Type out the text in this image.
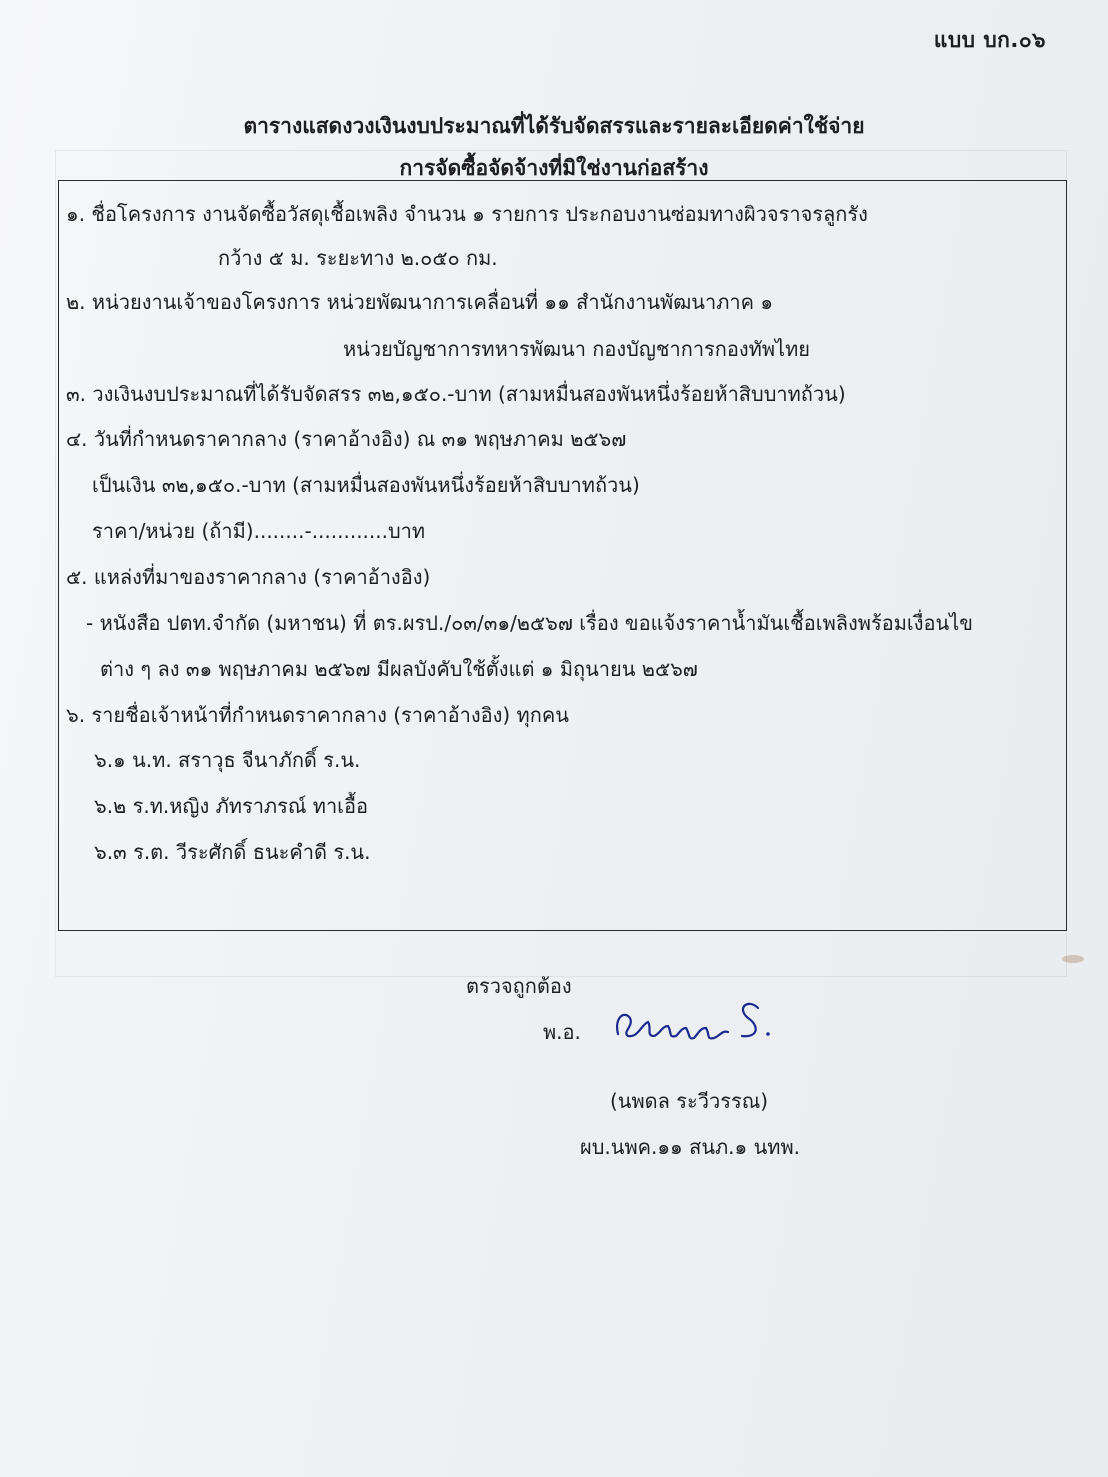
แบบ บก.๐๖
ตารางแสดงวงเงินงบประมาณที่ได้รับจัดสรรและรายละเอียดค่าใช้จ่าย
การจัดซื้อจัดจ้างที่มิใช่งานก่อสร้าง
๑. ชื่อโครงการ งานจัดซื้อวัสดุเชื้อเพลิง จำนวน ๑ รายการ ประกอบงานซ่อมทางผิวจราจรลูกรัง
กว้าง ๕ ม. ระยะทาง ๒.๐๕๐ กม.
๒. หน่วยงานเจ้าของโครงการ หน่วยพัฒนาการเคลื่อนที่ ๑๑ สำนักงานพัฒนาภาค ๑
หน่วยบัญชาการทหารพัฒนา กองบัญชาการกองทัพไทย
๓. วงเงินงบประมาณที่ได้รับจัดสรร ๓๒,๑๕๐.-บาท (สามหมื่นสองพันหนึ่งร้อยห้าสิบบาทถ้วน)
๔. วันที่กำหนดราคากลาง (ราคาอ้างอิง) ณ ๓๑ พฤษภาคม ๒๕๖๗
เป็นเงิน ๓๒,๑๕๐.-บาท (สามหมื่นสองพันหนึ่งร้อยห้าสิบบาทถ้วน)
ราคา/หน่วย (ถ้ามี)........-............บาท
๕. แหล่งที่มาของราคากลาง (ราคาอ้างอิง)
- หนังสือ ปตท.จำกัด (มหาชน) ที่ ตร.ผรป./๐๓/๓๑/๒๕๖๗ เรื่อง ขอแจ้งราคาน้ำมันเชื้อเพลิงพร้อมเงื่อนไข
ต่าง ๆ ลง ๓๑ พฤษภาคม ๒๕๖๗ มีผลบังคับใช้ตั้งแต่ ๑ มิถุนายน ๒๕๖๗
๖. รายชื่อเจ้าหน้าที่กำหนดราคากลาง (ราคาอ้างอิง) ทุกคน
๖.๑ น.ท. สราวุธ จีนาภักดิ์ ร.น.
๖.๒ ร.ท.หญิง ภัทราภรณ์ ทาเอื้อ
๖.๓ ร.ต. วีระศักดิ์ ธนะคำดี ร.น.
ตรวจถูกต้อง
พ.อ.
(นพดล ระวีวรรณ)
ผบ.นพค.๑๑ สนภ.๑ นทพ.
